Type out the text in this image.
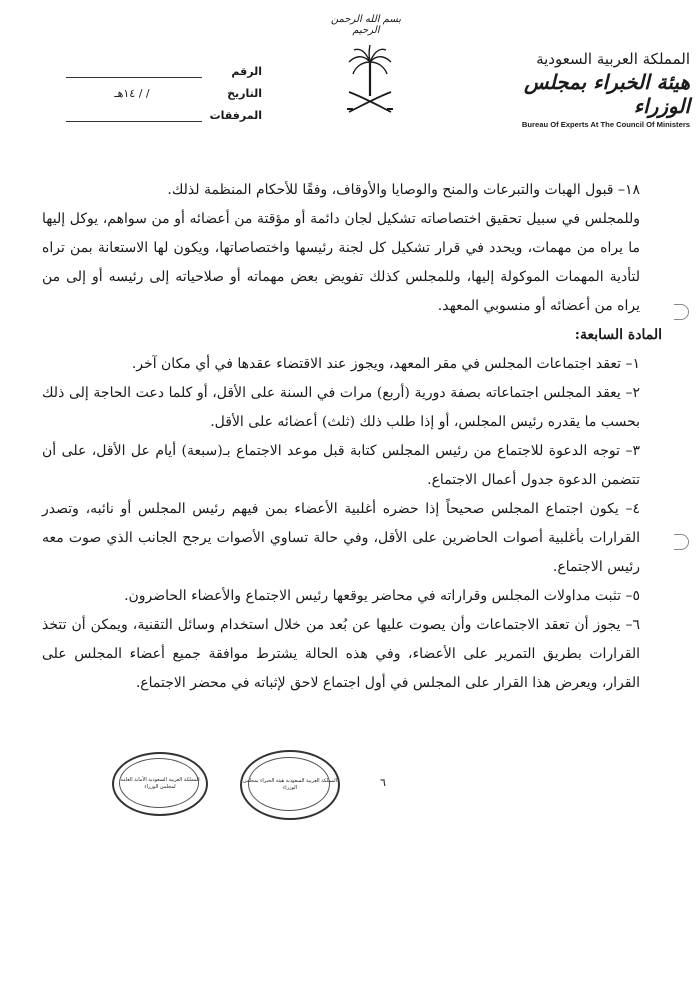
بسم الله الرحمن الرحيم
الرقم
التاريخ
/ / ١٤هـ
المرفقات
المملكة العربية السعودية
هيئة الخبراء بمجلس الوزراء
Bureau Of Experts At The Council Of Ministers

١٨– قبول الهبات والتبرعات والمنح والوصايا والأوقاف، وفقًا للأحكام المنظمة لذلك.

وللمجلس في سبيل تحقيق اختصاصاته تشكيل لجان دائمة أو مؤقتة من أعضائه أو من سواهم، يوكل إليها ما يراه من مهمات، ويحدد في قرار تشكيل كل لجنة رئيسها واختصاصاتها، ويكون لها الاستعانة بمن تراه لتأدية المهمات الموكولة إليها، وللمجلس كذلك تفويض بعض مهماته أو صلاحياته إلى رئيسه أو إلى من يراه من أعضائه أو منسوبي المعهد.

المادة السابعة:

١– تعقد اجتماعات المجلس في مقر المعهد، ويجوز عند الاقتضاء عقدها في أي مكان آخر.

٢– يعقد المجلس اجتماعاته بصفة دورية (أربع) مرات في السنة على الأقل، أو كلما دعت الحاجة إلى ذلك بحسب ما يقدره رئيس المجلس، أو إذا طلب ذلك (ثلث) أعضائه على الأقل.

٣– توجه الدعوة للاجتماع من رئيس المجلس كتابة قبل موعد الاجتماع بـ(سبعة) أيام عل الأقل، على أن تتضمن الدعوة جدول أعمال الاجتماع.

٤– يكون اجتماع المجلس صحيحاً إذا حضره أغلبية الأعضاء بمن فيهم رئيس المجلس أو نائبه، وتصدر القرارات بأغلبية أصوات الحاضرين على الأقل، وفي حالة تساوي الأصوات يرجح الجانب الذي صوت معه رئيس الاجتماع.

٥– تثبت مداولات المجلس وقراراته في محاضر يوقعها رئيس الاجتماع والأعضاء الحاضرون.

٦– يجوز أن تعقد الاجتماعات وأن يصوت عليها عن بُعد من خلال استخدام وسائل التقنية، ويمكن أن تتخذ القرارات بطريق التمرير على الأعضاء، وفي هذه الحالة يشترط موافقة جميع أعضاء المجلس على القرار، ويعرض هذا القرار على المجلس في أول اجتماع لاحق لإثباته في محضر الاجتماع.

٦
المملكة العربية السعودية الأمانة العامة لمجلس الوزراء
المملكة العربية السعودية هيئة الخبراء بمجلس الوزراء
